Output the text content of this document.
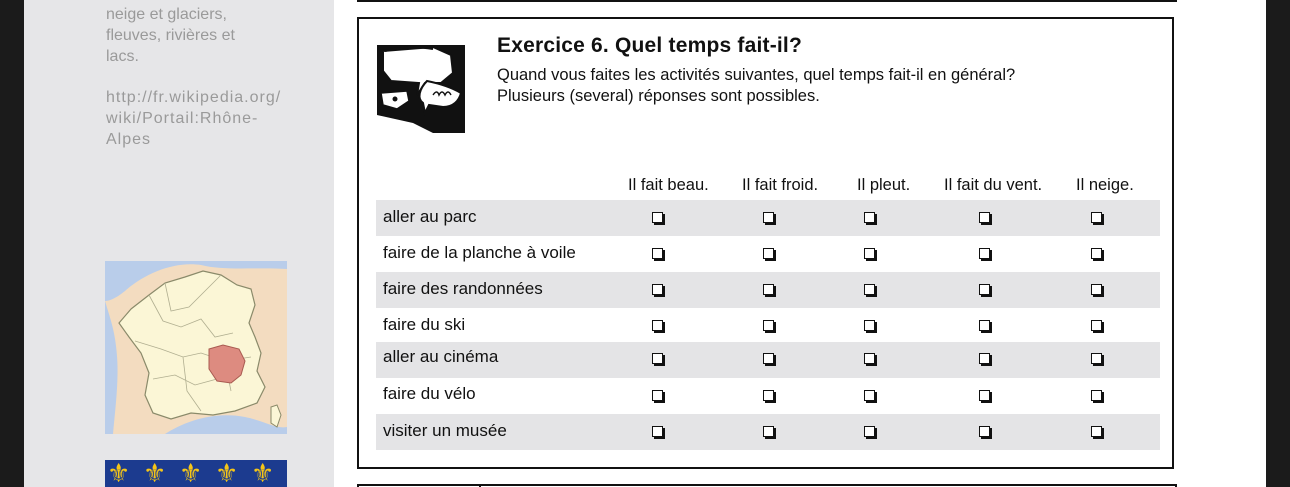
neige et glaciers,

fleuves, rivières et

lacs.

http://fr.wikipedia.org/

wiki/Portail:Rhône-

Alpes

⚜ ⚜ ⚜ ⚜ ⚜
Exercice 6. Quel temps fait-il?
Quand vous faites les activités suivantes, quel temps fait-il en général?
Plusieurs (several) réponses sont possibles.
Il fait beau. Il fait froid. Il pleut. Il fait du vent. Il neige.
aller au parc
faire de la planche à voile
faire des randonnées
faire du ski
aller au cinéma
faire du vélo
visiter un musée
